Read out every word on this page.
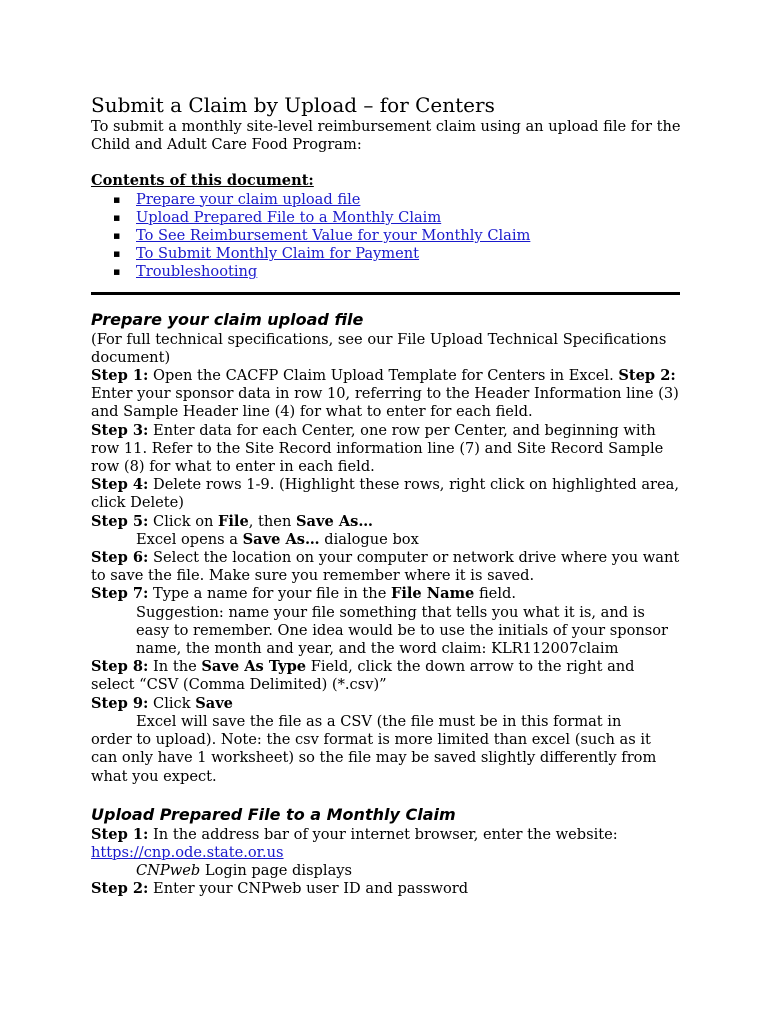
Submit a Claim by Upload – for Centers

To submit a monthly site-level reimbursement claim using an upload file for the Child and Adult Care Food Program:

Contents of this document:
▪ Prepare your claim upload file
▪ Upload Prepared File to a Monthly Claim
▪ To See Reimbursement Value for your Monthly Claim
▪ To Submit Monthly Claim for Payment
▪ Troubleshooting
Prepare your claim upload file

(For full technical specifications, see our File Upload Technical Specifications document)

Step 1: Open the CACFP Claim Upload Template for Centers in Excel. Step 2: Enter your sponsor data in row 10, referring to the Header Information line (3) and Sample Header line (4) for what to enter for each field.

Step 3: Enter data for each Center, one row per Center, and beginning with row 11. Refer to the Site Record information line (7) and Site Record Sample row (8) for what to enter in each field.

Step 4: Delete rows 1-9. (Highlight these rows, right click on highlighted area, click Delete)

Step 5: Click on File, then Save As…

Excel opens a Save As… dialogue box

Step 6: Select the location on your computer or network drive where you want to save the file. Make sure you remember where it is saved.

Step 7: Type a name for your file in the File Name field.

Suggestion: name your file something that tells you what it is, and is easy to remember. One idea would be to use the initials of your sponsor name, the month and year, and the word claim: KLR112007claim

Step 8: In the Save As Type Field, click the down arrow to the right and select “CSV (Comma Delimited) (*.csv)”

Step 9: Click Save

Excel will save the file as a CSV (the file must be in this format in

order to upload). Note: the csv format is more limited than excel (such as it can only have 1 worksheet) so the file may be saved slightly differently from what you expect.

Upload Prepared File to a Monthly Claim

Step 1: In the address bar of your internet browser, enter the website:

https://cnp.ode.state.or.us

CNPweb Login page displays

Step 2: Enter your CNPweb user ID and password
